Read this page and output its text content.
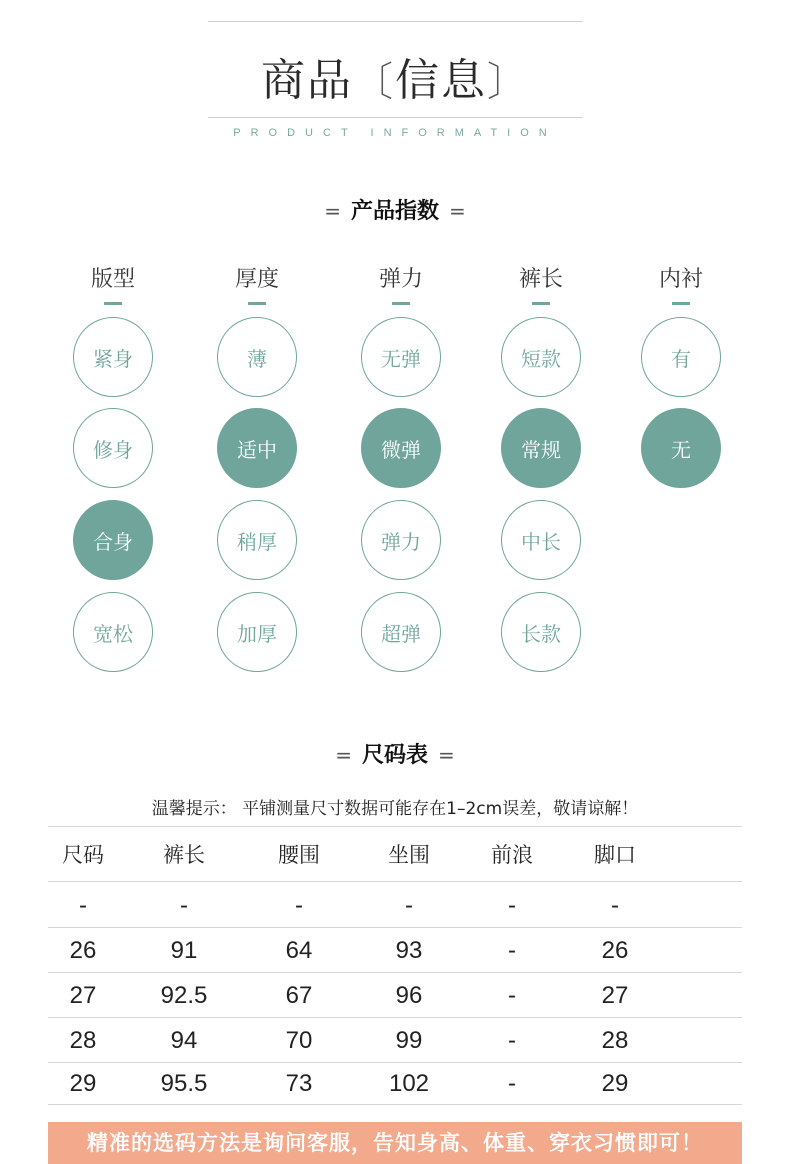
商品〔信息〕
PRODUCT INFORMATION
= 产品指数 =
版型
紧身
修身
合身
宽松
厚度
薄
适中
稍厚
加厚
弹力
无弹
微弹
弹力
超弹
裤长
短款
常规
中长
长款
内衬
有
无
= 尺码表 =
温馨提示： 平铺测量尺寸数据可能存在1–2cm误差，敬请谅解！
尺码	裤长	腰围	坐围	前浪	脚口
-	-	-	-	-	-
26	91	64	93	-	26
27	92.5	67	96	-	27
28	94	70	99	-	28
29	95.5	73	102	-	29
精准的选码方法是询问客服，告知身高、体重、穿衣习惯即可！
